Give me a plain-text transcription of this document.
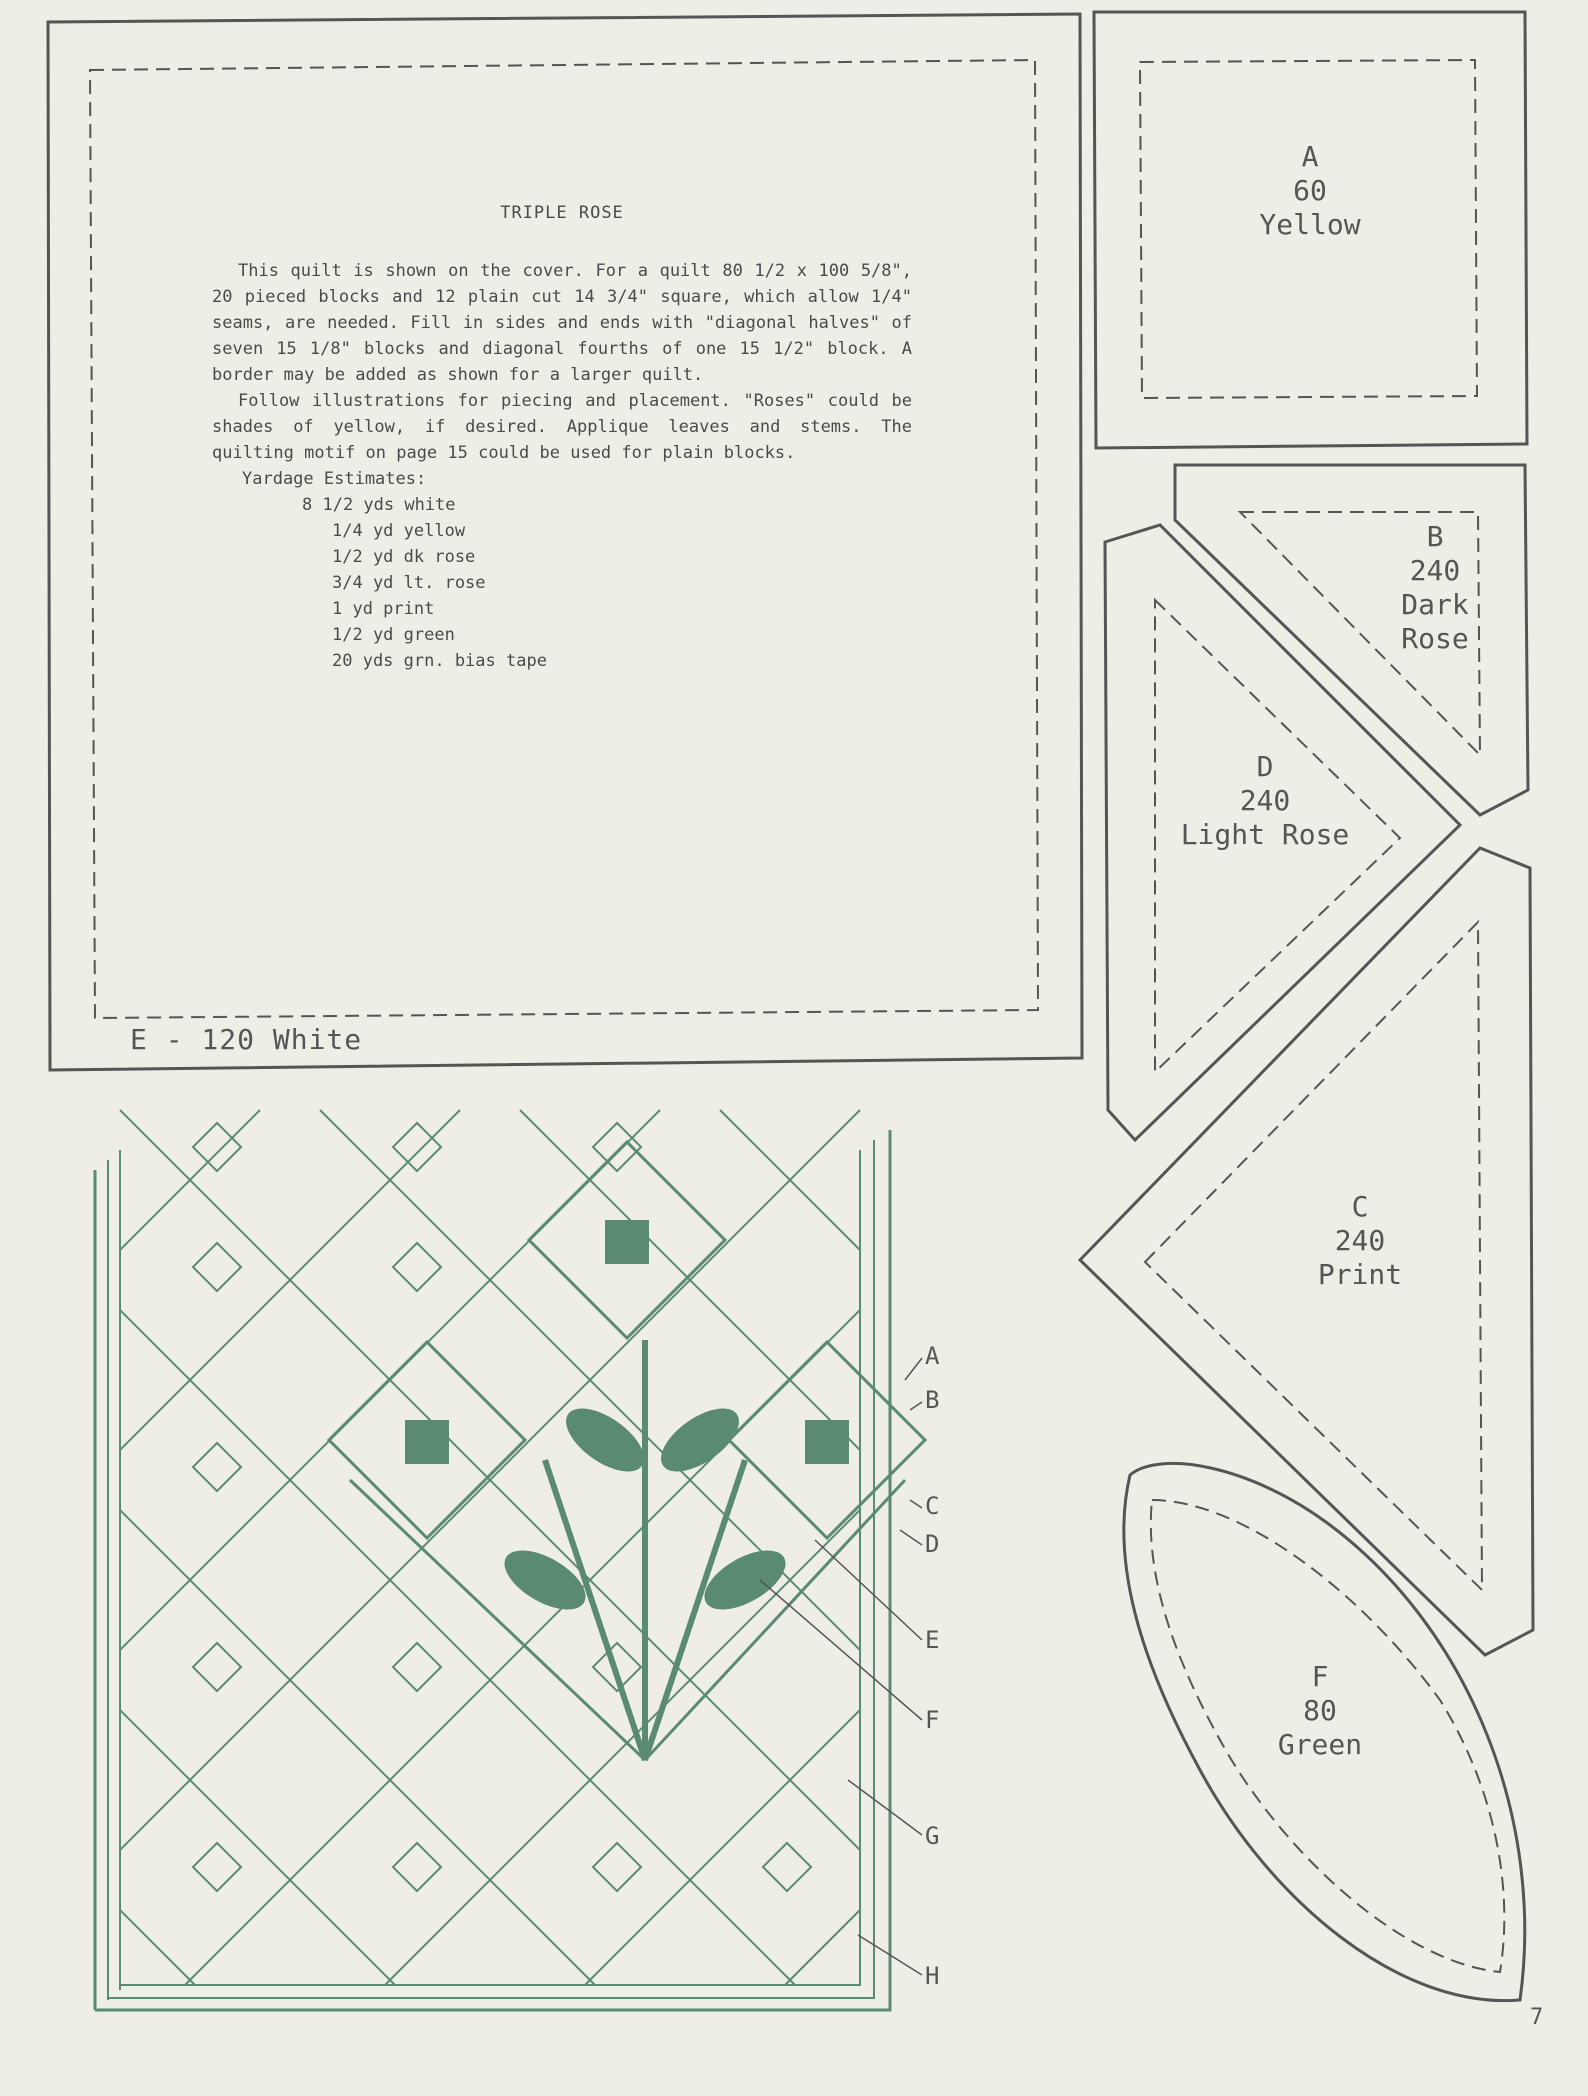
TRIPLE ROSE

This quilt is shown on the cover. For a quilt 80 1/2 x 100 5/8", 20 pieced blocks and 12 plain cut 14 3/4" square, which allow 1/4" seams, are needed. Fill in sides and ends with "diagonal halves" of seven 15 1/8" blocks and diagonal fourths of one 15 1/2" block. A border may be added as shown for a larger quilt.

Follow illustrations for piecing and placement. "Roses" could be shades of yellow, if desired. Applique leaves and stems. The quilting motif on page 15 could be used for plain blocks.

Yardage Estimates:
8 1/2 yds white
1/4 yd yellow
1/2 yd dk rose
3/4 yd lt. rose
1 yd print
1/2 yd green
20 yds grn. bias tape
E - 120 White
A
60
Yellow
B
240
Dark
Rose
D
240
Light Rose
C
240
Print
F
80
Green
A
B
C
D
E
F
G
H
7
